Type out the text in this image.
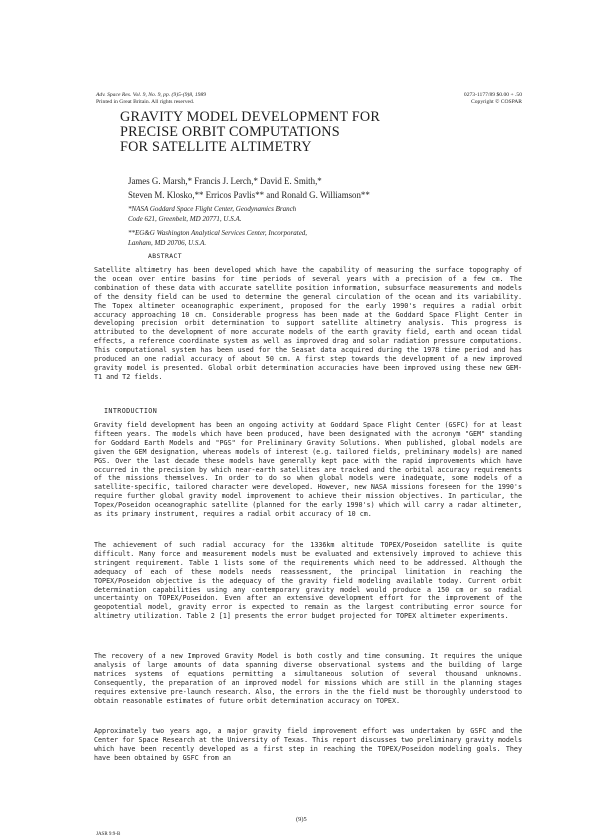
Adv. Space Res. Vol. 9, No. 9, pp. (9)5-(9)8, 1989
Printed in Great Britain. All rights reserved.
0273-1177/89 $0.00 + .50
Copyright © COSPAR
GRAVITY MODEL DEVELOPMENT FOR
PRECISE ORBIT COMPUTATIONS
FOR SATELLITE ALTIMETRY
James G. Marsh,* Francis J. Lerch,* David E. Smith,*
Steven M. Klosko,** Erricos Pavlis** and Ronald G. Williamson**
*NASA Goddard Space Flight Center, Geodynamics Branch
Code 621, Greenbelt, MD 20771, U.S.A.
**EG&G Washington Analytical Services Center, Incorporated,
Lanham, MD 20706, U.S.A.
ABSTRACT

Satellite altimetry has been developed which have the capability of measuring the surface topography of the ocean over entire basins for time periods of several years with a precision of a few cm. The combination of these data with accurate satellite position information, subsurface measurements and models of the density field can be used to determine the general circulation of the ocean and its variability. The Topex altimeter oceanographic experiment, proposed for the early 1990's requires a radial orbit accuracy approaching 10 cm. Considerable progress has been made at the Goddard Space Flight Center in developing precision orbit determination to support satellite altimetry analysis. This progress is attributed to the development of more accurate models of the earth gravity field, earth and ocean tidal effects, a reference coordinate system as well as improved drag and solar radiation pressure computations. This computational system has been used for the Seasat data acquired during the 1978 time period and has produced an one radial accuracy of about 50 cm. A first step towards the development of a new improved gravity model is presented. Global orbit determination accuracies have been improved using these new GEM-T1 and T2 fields.

INTRODUCTION

Gravity field development has been an ongoing activity at Goddard Space Flight Center (GSFC) for at least fifteen years. The models which have been produced, have been designated with the acronym "GEM" standing for Goddard Earth Models and "PGS" for Preliminary Gravity Solutions. When published, global models are given the GEM designation, whereas models of interest (e.g. tailored fields, preliminary models) are named PGS. Over the last decade these models have generally kept pace with the rapid improvements which have occurred in the precision by which near-earth satellites are tracked and the orbital accuracy requirements of the missions themselves. In order to do so when global models were inadequate, some models of a satellite-specific, tailored character were developed. However, new NASA missions foreseen for the 1990's require further global gravity model improvement to achieve their mission objectives. In particular, the Topex/Poseidon oceanographic satellite (planned for the early 1990's) which will carry a radar altimeter, as its primary instrument, requires a radial orbit accuracy of 10 cm.

The achievement of such radial accuracy for the 1336km altitude TOPEX/Poseidon satellite is quite difficult. Many force and measurement models must be evaluated and extensively improved to achieve this stringent requirement. Table 1 lists some of the requirements which need to be addressed. Although the adequacy of each of these models needs reassessment, the principal limitation in reaching the TOPEX/Poseidon objective is the adequacy of the gravity field modeling available today. Current orbit determination capabilities using any contemporary gravity model would produce a 150 cm or so radial uncertainty on TOPEX/Poseidon. Even after an extensive development effort for the improvement of the geopotential model, gravity error is expected to remain as the largest contributing error source for altimetry utilization. Table 2 [1] presents the error budget projected for TOPEX altimeter experiments.

The recovery of a new Improved Gravity Model is both costly and time consuming. It requires the unique analysis of large amounts of data spanning diverse observational systems and the building of large matrices systems of equations permitting a simultaneous solution of several thousand unknowns. Consequently, the preparation of an improved model for missions which are still in the planning stages requires extensive pre-launch research. Also, the errors in the the field must be thoroughly understood to obtain reasonable estimates of future orbit determination accuracy on TOPEX.

Approximately two years ago, a major gravity field improvement effort was undertaken by GSFC and the Center for Space Research at the University of Texas. This report discusses two preliminary gravity models which have been recently developed as a first step in reaching the TOPEX/Poseidon modeling goals. They have been obtained by GSFC from an

(9)5
JASR 9:9-B
